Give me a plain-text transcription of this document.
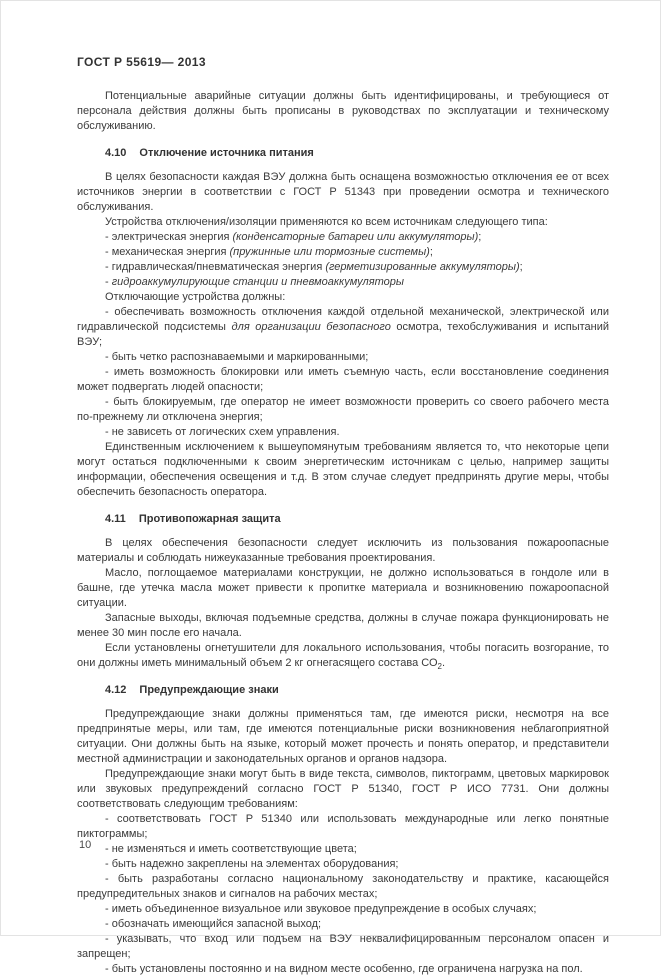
ГОСТ Р 55619— 2013

Потенциальные аварийные ситуации должны быть идентифицированы, и требующиеся от персонала действия должны быть прописаны в руководствах по эксплуатации и техническому обслуживанию.

4.10 Отключение источника питания

В целях безопасности каждая ВЭУ должна быть оснащена возможностью отключения ее от всех источников энергии в соответствии с ГОСТ Р 51343 при проведении осмотра и технического обслуживания.

Устройства отключения/изоляции применяются ко всем источникам следующего типа:

- электрическая энергия (конденсаторные батареи или аккумуляторы);

- механическая энергия (пружинные или тормозные системы);

- гидравлическая/пневматическая энергия (герметизированные аккумуляторы);

- гидроаккумулирующие станции и пневмоаккумуляторы

Отключающие устройства должны:

- обеспечивать возможность отключения каждой отдельной механической, электрической или гидравлической подсистемы для организации безопасного осмотра, техобслуживания и испытаний ВЭУ;

- быть четко распознаваемыми и маркированными;

- иметь возможность блокировки или иметь съемную часть, если восстановление соединения может подвергать людей опасности;

- быть блокируемым, где оператор не имеет возможности проверить со своего рабочего места по-прежнему ли отключена энергия;

- не зависеть от логических схем управления.

Единственным исключением к вышеупомянутым требованиям является то, что некоторые цепи могут остаться подключенными к своим энергетическим источникам с целью, например защиты информации, обеспечения освещения и т.д. В этом случае следует предпринять другие меры, чтобы обеспечить безопасность оператора.

4.11 Противопожарная защита

В целях обеспечения безопасности следует исключить из пользования пожароопасные материалы и соблюдать нижеуказанные требования проектирования.

Масло, поглощаемое материалами конструкции, не должно использоваться в гондоле или в башне, где утечка масла может привести к пропитке материала и возникновению пожароопасной ситуации.

Запасные выходы, включая подъемные средства, должны в случае пожара функционировать не менее 30 мин после его начала.

Если установлены огнетушители для локального использования, чтобы погасить возгорание, то они должны иметь минимальный объем 2 кг огнегасящего состава $СО_2$.

4.12 Предупреждающие знаки

Предупреждающие знаки должны применяться там, где имеются риски, несмотря на все предпринятые меры, или там, где имеются потенциальные риски возникновения неблагоприятной ситуации. Они должны быть на языке, который может прочесть и понять оператор, и представители местной администрации и законодательных органов и органов надзора.

Предупреждающие знаки могут быть в виде текста, символов, пиктограмм, цветовых маркировок или звуковых предупреждений согласно ГОСТ Р 51340, ГОСТ Р ИСО 7731. Они должны соответствовать следующим требованиям:

- соответствовать ГОСТ Р 51340 или использовать международные или легко понятные пиктограммы;

- не изменяться и иметь соответствующие цвета;

- быть надежно закреплены на элементах оборудования;

- быть разработаны согласно национальному законодательству и практике, касающейся предупредительных знаков и сигналов на рабочих местах;

- иметь объединенное визуальное или звуковое предупреждение в особых случаях;

- обозначать имеющийся запасной выход;

- указывать, что вход или подъем на ВЭУ неквалифицированным персоналом опасен и запрещен;

- быть установлены постоянно и на видном месте особенно, где ограничена нагрузка на пол.

10
